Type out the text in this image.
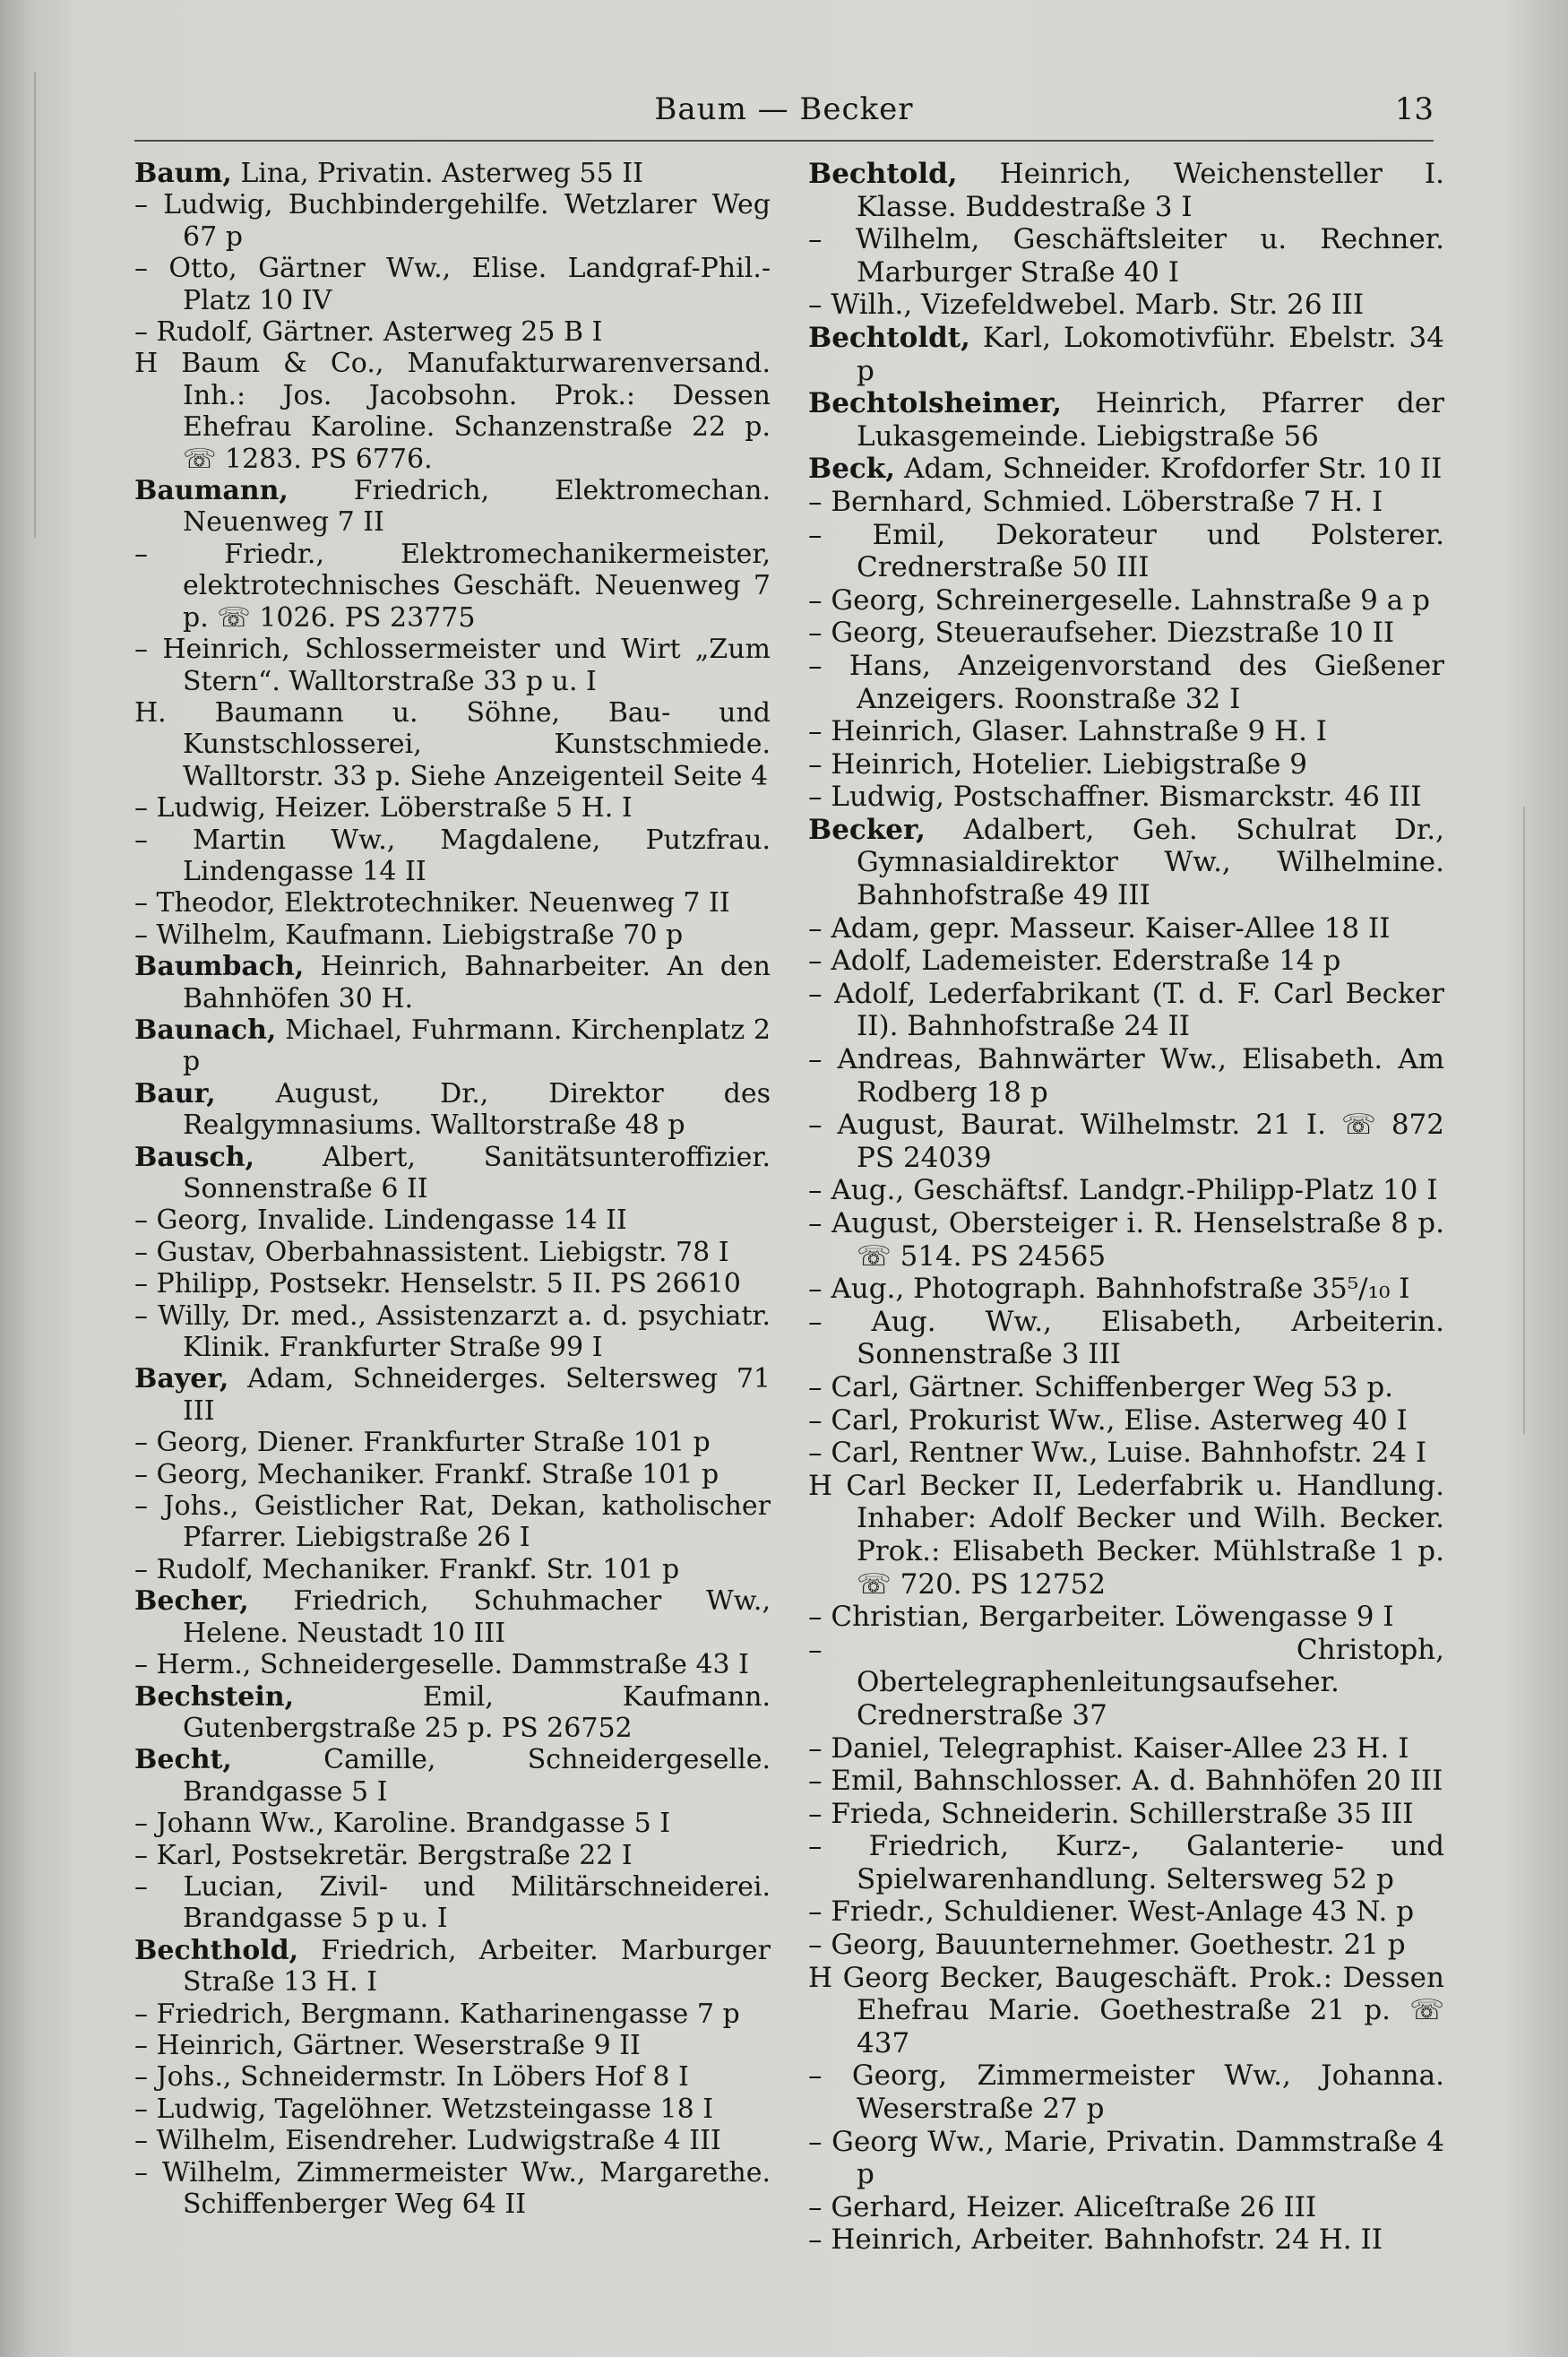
Baum — Becker	13

Baum, Lina, Privatin. Asterweg 55 II

– Ludwig, Buchbindergehilfe. Wetzlarer Weg 67 p

– Otto, Gärtner Ww., Elise. Landgraf-Phil.-Platz 10 IV

– Rudolf, Gärtner. Asterweg 25 B I

H Baum & Co., Manufakturwarenversand. Inh.: Jos. Jacobsohn. Prok.: Dessen Ehefrau Karoline. Schanzenstraße 22 p. ☏ 1283. PS 6776.

Baumann, Friedrich, Elektromechan. Neuenweg 7 II

– Friedr., Elektromechanikermeister, elektrotechnisches Geschäft. Neuenweg 7 p. ☏ 1026. PS 23775

– Heinrich, Schlossermeister und Wirt „Zum Stern“. Walltorstraße 33 p u. I

H. Baumann u. Söhne, Bau- und Kunstschlosserei, Kunstschmiede. Walltorstr. 33 p. Siehe Anzeigenteil Seite 4

– Ludwig, Heizer. Löberstraße 5 H. I

– Martin Ww., Magdalene, Putzfrau. Lindengasse 14 II

– Theodor, Elektrotechniker. Neuenweg 7 II

– Wilhelm, Kaufmann. Liebigstraße 70 p

Baumbach, Heinrich, Bahnarbeiter. An den Bahnhöfen 30 H.

Baunach, Michael, Fuhrmann. Kirchenplatz 2 p

Baur, August, Dr., Direktor des Realgymnasiums. Walltorstraße 48 p

Bausch,	Albert, Sanitätsunteroffizier. Sonnenstraße 6 II

– Georg, Invalide. Lindengasse 14 II

– Gustav, Oberbahnassistent. Liebigstr. 78 I

– Philipp, Postsekr. Henselstr. 5 II. PS 26610

– Willy, Dr. med., Assistenzarzt a. d. psychiatr. Klinik. Frankfurter Straße 99 I

Bayer, Adam, Schneiderges. Seltersweg 71 III

– Georg, Diener. Frankfurter Straße 101 p

– Georg, Mechaniker. Frankf. Straße 101 p

– Johs., Geistlicher Rat, Dekan, katholischer Pfarrer. Liebigstraße 26 I

– Rudolf, Mechaniker. Frankf. Str. 101 p

Becher, Friedrich, Schuhmacher Ww., Helene. Neustadt 10 III

– Herm., Schneidergeselle. Dammstraße 43 I

Bechstein,	Emil, Kaufmann. Gutenbergstraße 25 p. PS 26752

Becht,	Camille, Schneidergeselle. Brandgasse 5 I

– Johann Ww., Karoline. Brandgasse 5 I

– Karl, Postsekretär. Bergstraße 22 I

– Lucian, Zivil- und Militärschneiderei. Brandgasse 5 p u. I

Bechthold, Friedrich, Arbeiter. Marburger Straße 13 H. I

– Friedrich, Bergmann. Katharinengasse 7 p

– Heinrich, Gärtner. Weserstraße 9 II

– Johs., Schneidermstr. In Löbers Hof 8 I

– Ludwig, Tagelöhner. Wetzsteingasse 18 I

– Wilhelm, Eisendreher. Ludwigstraße 4 III

– Wilhelm, Zimmermeister Ww., Margarethe. Schiffenberger Weg 64 II

Bechtold, Heinrich, Weichensteller I. Klasse. Buddestraße 3 I

– Wilhelm, Geschäftsleiter u. Rechner. Marburger Straße 40 I

– Wilh., Vizefeldwebel. Marb. Str. 26 III

Bechtoldt, Karl, Lokomotivführ. Ebelstr. 34 p

Bechtolsheimer, Heinrich, Pfarrer der Lukasgemeinde. Liebigstraße 56

Beck, Adam, Schneider. Krofdorfer Str. 10 II

– Bernhard, Schmied. Löberstraße 7 H. I

– Emil, Dekorateur und Polsterer. Crednerstraße 50 III

– Georg, Schreinergeselle. Lahnstraße 9 a p

– Georg, Steueraufseher. Diezstraße 10 II

– Hans, Anzeigenvorstand des Gießener Anzeigers. Roonstraße 32 I

– Heinrich, Glaser. Lahnstraße 9 H. I

– Heinrich, Hotelier. Liebigstraße 9

– Ludwig, Postschaffner. Bismarckstr. 46 III

Becker, Adalbert, Geh. Schulrat Dr., Gymnasialdirektor Ww., Wilhelmine. Bahnhofstraße 49 III

– Adam, gepr. Masseur. Kaiser-Allee 18 II

– Adolf, Lademeister. Ederstraße 14 p

– Adolf, Lederfabrikant (T. d. F. Carl Becker II). Bahnhofstraße 24 II

– Andreas, Bahnwärter Ww., Elisabeth. Am Rodberg 18 p

– August, Baurat. Wilhelmstr. 21 I. ☏ 872 PS 24039

– Aug., Geschäftsf. Landgr.-Philipp-Platz 10 I

– August, Obersteiger i. R. Henselstraße 8 p. ☏ 514. PS 24565

– Aug., Photograph. Bahnhofstraße 35⁵/₁₀ I

– Aug. Ww., Elisabeth, Arbeiterin. Sonnenstraße 3 III

– Carl, Gärtner. Schiffenberger Weg 53 p.

– Carl, Prokurist Ww., Elise. Asterweg 40 I

– Carl, Rentner Ww., Luise. Bahnhofstr. 24 I

H Carl Becker II, Lederfabrik u. Handlung. Inhaber: Adolf Becker und Wilh. Becker. Prok.: Elisabeth Becker. Mühlstraße 1 p. ☏ 720. PS 12752

– Christian, Bergarbeiter. Löwengasse 9 I

– Christoph, Obertelegraphenleitungsaufseher. Crednerstraße 37

– Daniel, Telegraphist. Kaiser-Allee 23 H. I

– Emil, Bahnschlosser. A. d. Bahnhöfen 20 III

– Frieda, Schneiderin. Schillerstraße 35 III

– Friedrich, Kurz-, Galanterie- und Spielwarenhandlung. Seltersweg 52 p

– Friedr., Schuldiener. West-Anlage 43 N. p

– Georg, Bauunternehmer. Goethestr. 21 p

H Georg Becker, Baugeschäft. Prok.: Dessen Ehefrau Marie. Goethestraße 21 p. ☏ 437

– Georg, Zimmermeister Ww., Johanna. Weserstraße 27 p

– Georg Ww., Marie, Privatin. Dammstraße 4 p

– Gerhard, Heizer. Aliceſtraße 26 III

– Heinrich, Arbeiter. Bahnhofstr. 24 H. II
